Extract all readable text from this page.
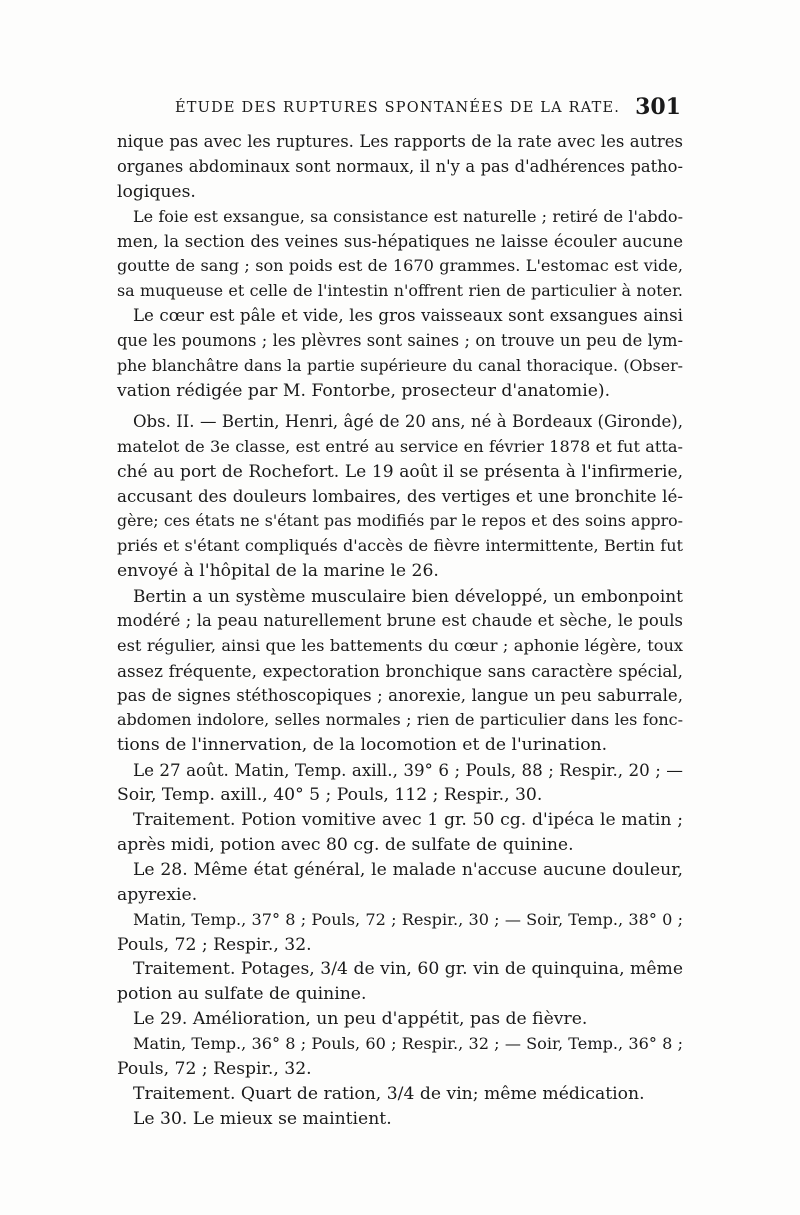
ÉTUDE DES RUPTURES SPONTANÉES DE LA RATE. 301
nique pas avec les ruptures. Les rapports de la rate avec les autres
organes abdominaux sont normaux, il n'y a pas d'adhérences patho-
logiques.
Le foie est exsangue, sa consistance est naturelle ; retiré de l'abdo-
men, la section des veines sus-hépatiques ne laisse écouler aucune
goutte de sang ; son poids est de 1670 grammes. L'estomac est vide,
sa muqueuse et celle de l'intestin n'offrent rien de particulier à noter.
Le cœur est pâle et vide, les gros vaisseaux sont exsangues ainsi
que les poumons ; les plèvres sont saines ; on trouve un peu de lym-
phe blanchâtre dans la partie supérieure du canal thoracique. (Obser-
vation rédigée par M. Fontorbe, prosecteur d'anatomie).
Obs. II. — Bertin, Henri, âgé de 20 ans, né à Bordeaux (Gironde),
matelot de 3e classe, est entré au service en février 1878 et fut atta-
ché au port de Rochefort. Le 19 août il se présenta à l'infirmerie,
accusant des douleurs lombaires, des vertiges et une bronchite lé-
gère; ces états ne s'étant pas modifiés par le repos et des soins appro-
priés et s'étant compliqués d'accès de fièvre intermittente, Bertin fut
envoyé à l'hôpital de la marine le 26.
Bertin a un système musculaire bien développé, un embonpoint
modéré ; la peau naturellement brune est chaude et sèche, le pouls
est régulier, ainsi que les battements du cœur ; aphonie légère, toux
assez fréquente, expectoration bronchique sans caractère spécial,
pas de signes stéthoscopiques ; anorexie, langue un peu saburrale,
abdomen indolore, selles normales ; rien de particulier dans les fonc-
tions de l'innervation, de la locomotion et de l'urination.
Le 27 août. Matin, Temp. axill., 39° 6 ; Pouls, 88 ; Respir., 20 ; —
Soir, Temp. axill., 40° 5 ; Pouls, 112 ; Respir., 30.
Traitement. Potion vomitive avec 1 gr. 50 cg. d'ipéca le matin ;
après midi, potion avec 80 cg. de sulfate de quinine.
Le 28. Même état général, le malade n'accuse aucune douleur,
apyrexie.
Matin, Temp., 37° 8 ; Pouls, 72 ; Respir., 30 ; — Soir, Temp., 38° 0 ;
Pouls, 72 ; Respir., 32.
Traitement. Potages, 3/4 de vin, 60 gr. vin de quinquina, même
potion au sulfate de quinine.
Le 29. Amélioration, un peu d'appétit, pas de fièvre.
Matin, Temp., 36° 8 ; Pouls, 60 ; Respir., 32 ; — Soir, Temp., 36° 8 ;
Pouls, 72 ; Respir., 32.
Traitement. Quart de ration, 3/4 de vin; même médication.
Le 30. Le mieux se maintient.
